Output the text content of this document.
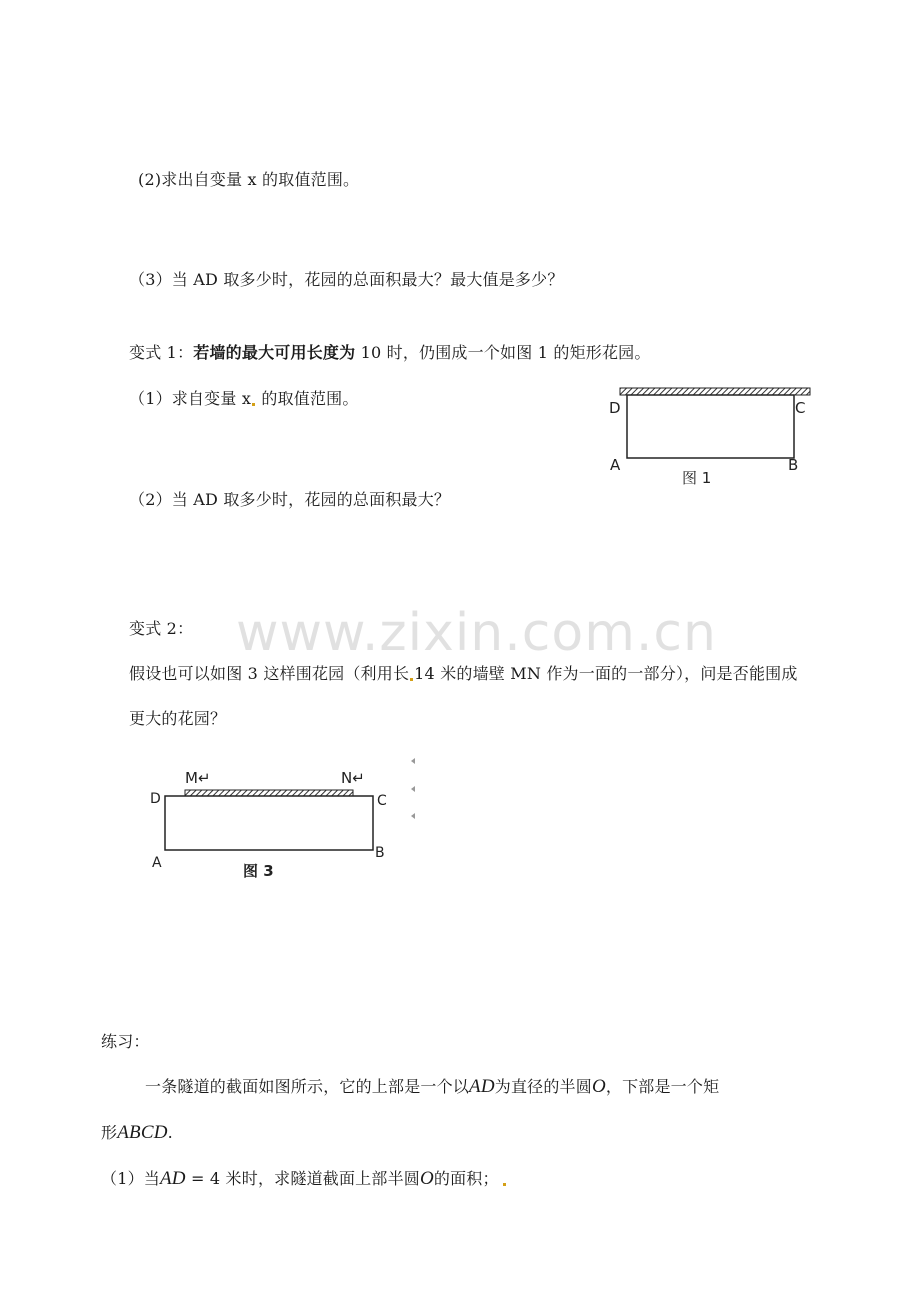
(2)求出自变量 x 的取值范围。
（3）当 AD 取多少时，花园的总面积最大？最大值是多少？
变式 1：若墙的最大可用长度为 10 时，仍围成一个如图 1 的矩形花园。
（1）求自变量 x 的取值范围。	D	C
A	B
图 1
（2）当 AD 取多少时，花园的总面积最大？
www.zixin.com.cn
变式 2：
假设也可以如图 3 这样围花园（利用长 14 米的墙壁 MN 作为一面的一部分），问是否能围成
更大的花园？
M↵	N↵
D	C
A
B
图 3
练习：
一条隧道的截面如图所示，它的上部是一个以AD为直径的半圆O，下部是一个矩
形ABCD.
（1）当AD = 4 米时，求隧道截面上部半圆O的面积；
